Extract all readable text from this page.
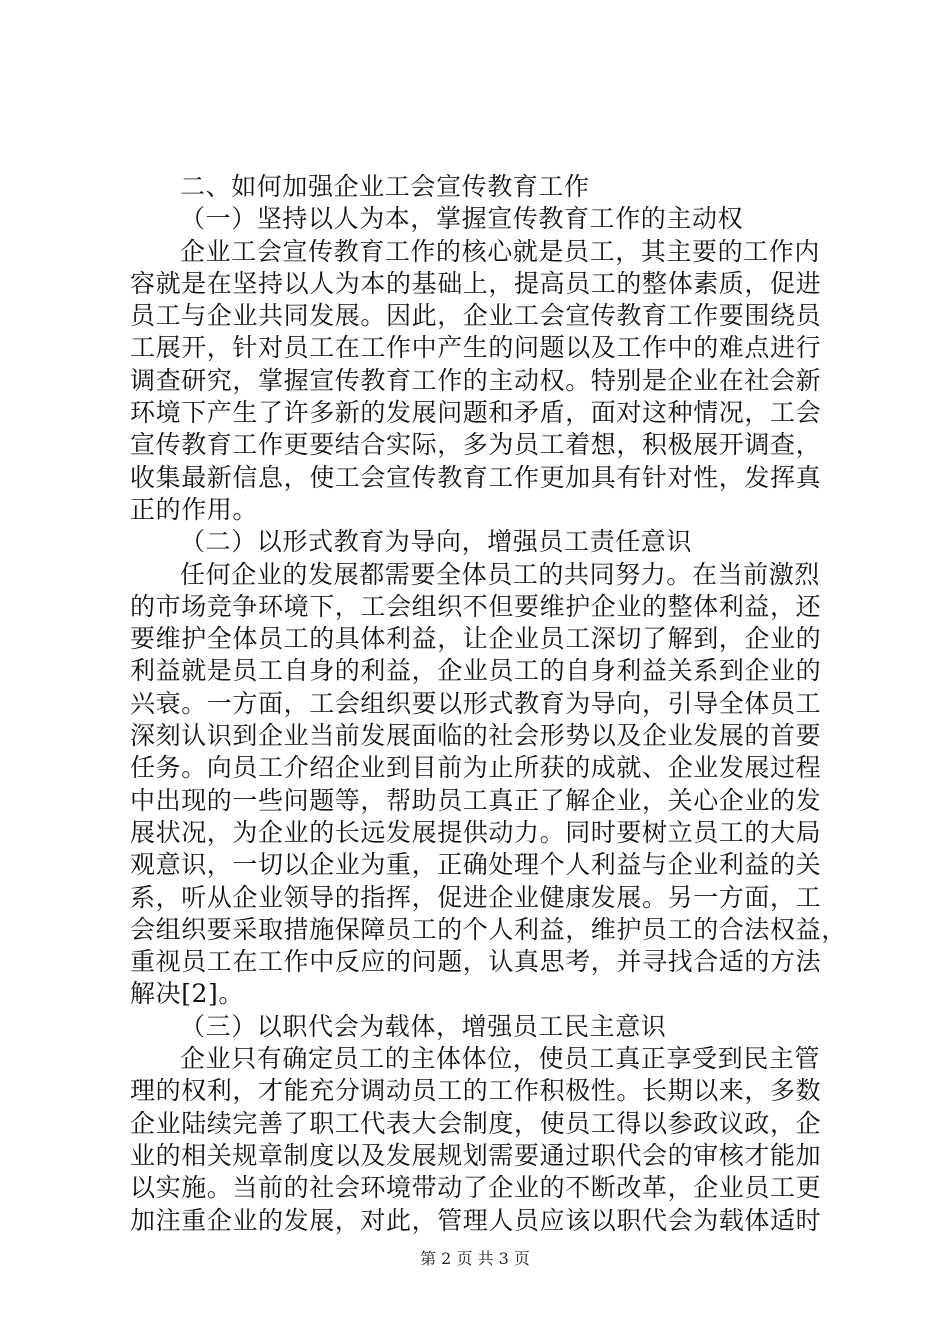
二、如何加强企业工会宣传教育工作
（一）坚持以人为本，掌握宣传教育工作的主动权
企业工会宣传教育工作的核心就是员工，其主要的工作内
容就是在坚持以人为本的基础上，提高员工的整体素质，促进
员工与企业共同发展。因此，企业工会宣传教育工作要围绕员
工展开，针对员工在工作中产生的问题以及工作中的难点进行
调查研究，掌握宣传教育工作的主动权。特别是企业在社会新
环境下产生了许多新的发展问题和矛盾，面对这种情况，工会
宣传教育工作更要结合实际，多为员工着想，积极展开调查，
收集最新信息，使工会宣传教育工作更加具有针对性，发挥真
正的作用。
（二）以形式教育为导向，增强员工责任意识
任何企业的发展都需要全体员工的共同努力。在当前激烈
的市场竞争环境下，工会组织不但要维护企业的整体利益，还
要维护全体员工的具体利益，让企业员工深切了解到，企业的
利益就是员工自身的利益，企业员工的自身利益关系到企业的
兴衰。一方面，工会组织要以形式教育为导向，引导全体员工
深刻认识到企业当前发展面临的社会形势以及企业发展的首要
任务。向员工介绍企业到目前为止所获的成就、企业发展过程
中出现的一些问题等，帮助员工真正了解企业，关心企业的发
展状况，为企业的长远发展提供动力。同时要树立员工的大局
观意识，一切以企业为重，正确处理个人利益与企业利益的关
系，听从企业领导的指挥，促进企业健康发展。另一方面，工
会组织要采取措施保障员工的个人利益，维护员工的合法权益，
重视员工在工作中反应的问题，认真思考，并寻找合适的方法
解决[2]。
（三）以职代会为载体，增强员工民主意识
企业只有确定员工的主体体位，使员工真正享受到民主管
理的权利，才能充分调动员工的工作积极性。长期以来，多数
企业陆续完善了职工代表大会制度，使员工得以参政议政，企
业的相关规章制度以及发展规划需要通过职代会的审核才能加
以实施。当前的社会环境带动了企业的不断改革，企业员工更
加注重企业的发展，对此，管理人员应该以职代会为载体适时
第 2 页 共 3 页
